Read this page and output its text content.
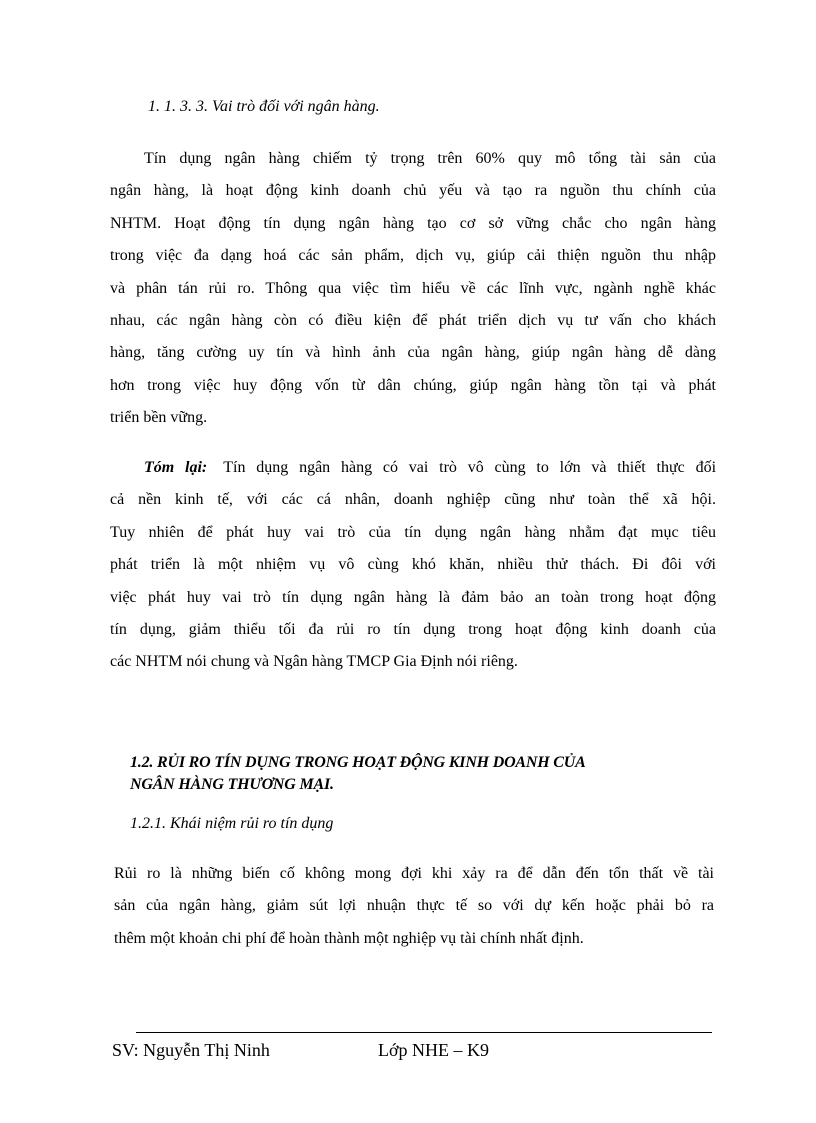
1. 1. 3. 3. Vai trò đối với ngân hàng.
Tín dụng ngân hàng chiếm tỷ trọng trên 60% quy mô tổng tài sản của
ngân hàng, là hoạt động kinh doanh chủ yếu và tạo ra nguồn thu chính của
NHTM. Hoạt động tín dụng ngân hàng tạo cơ sở vững chắc cho ngân hàng
trong việc đa dạng hoá các sản phẩm, dịch vụ, giúp cải thiện nguồn thu nhập
và phân tán rủi ro. Thông qua việc tìm hiểu về các lĩnh vực, ngành nghề khác
nhau, các ngân hàng còn có điều kiện để phát triển dịch vụ tư vấn cho khách
hàng, tăng cường uy tín và hình ảnh của ngân hàng, giúp ngân hàng dễ dàng
hơn trong việc huy động vốn từ dân chúng, giúp ngân hàng tồn tại và phát
triển bền vững.
Tóm lại: Tín dụng ngân hàng có vai trò vô cùng to lớn và thiết thực đối
cả nền kinh tế, với các cá nhân, doanh nghiệp cũng như toàn thể xã hội.
Tuy nhiên để phát huy vai trò của tín dụng ngân hàng nhằm đạt mục tiêu
phát triển là một nhiệm vụ vô cùng khó khăn, nhiều thử thách. Đi đôi với
việc phát huy vai trò tín dụng ngân hàng là đảm bảo an toàn trong hoạt động
tín dụng, giảm thiểu tối đa rủi ro tín dụng trong hoạt động kinh doanh của
các NHTM nói chung và Ngân hàng TMCP Gia Định nói riêng.
1.2. RỦI RO TÍN DỤNG TRONG HOẠT ĐỘNG KINH DOANH CỦA
NGÂN HÀNG THƯƠNG MẠI.
1.2.1. Khái niệm rủi ro tín dụng
Rủi ro là những biến cố không mong đợi khi xảy ra để dẫn đến tổn thất về tài
sản của ngân hàng, giảm sút lợi nhuận thực tế so với dự kến hoặc phải bỏ ra
thêm một khoản chi phí để hoàn thành một nghiệp vụ tài chính nhất định.
SV: Nguyễn Thị Ninh	Lớp NHE – K9
